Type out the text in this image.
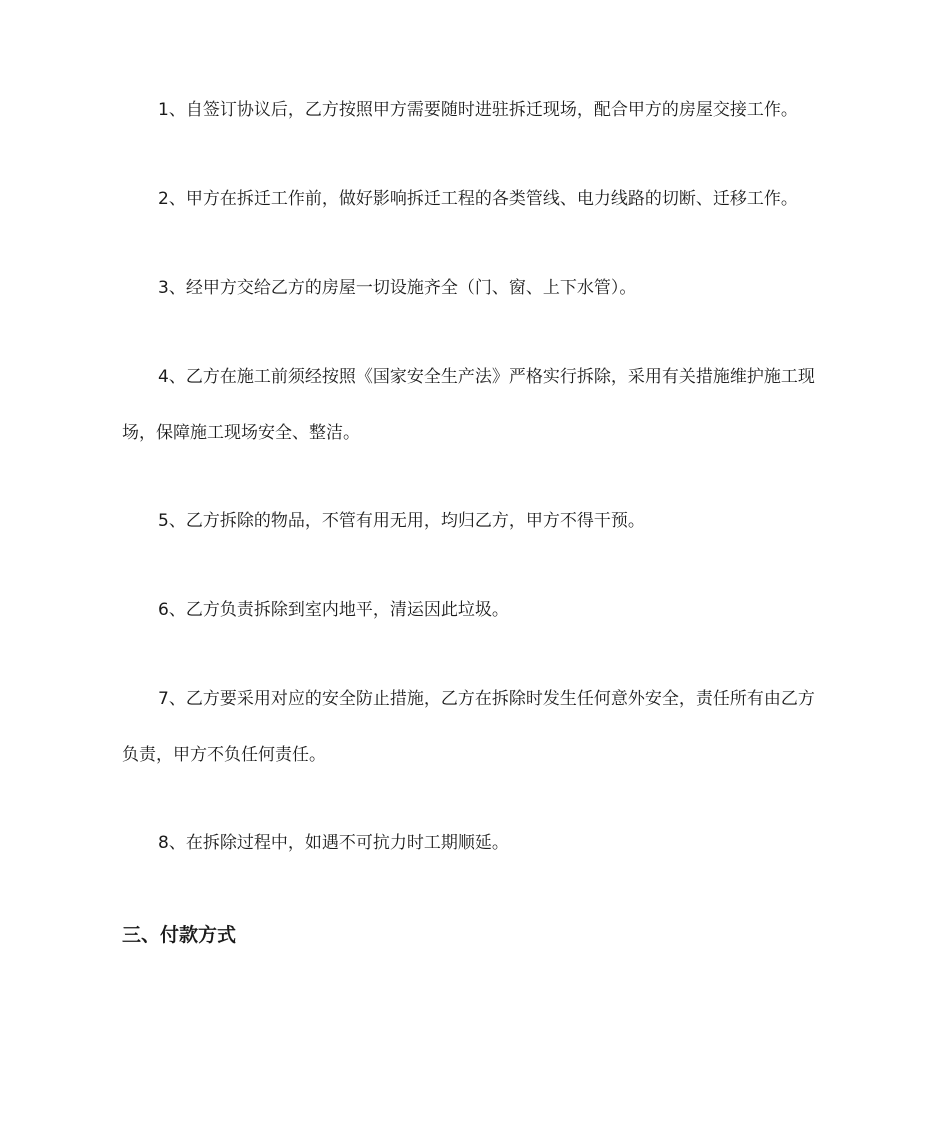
1、自签订协议后，乙方按照甲方需要随时进驻拆迁现场，配合甲方的房屋交接工作。

2、甲方在拆迁工作前，做好影响拆迁工程的各类管线、电力线路的切断、迁移工作。

3、经甲方交给乙方的房屋一切设施齐全（门、窗、上下水管）。

4、乙方在施工前须经按照《国家安全生产法》严格实行拆除，采用有关措施维护施工现场，保障施工现场安全、整洁。

5、乙方拆除的物品，不管有用无用，均归乙方，甲方不得干预。

6、乙方负责拆除到室内地平，清运因此垃圾。

7、乙方要采用对应的安全防止措施，乙方在拆除时发生任何意外安全，责任所有由乙方负责，甲方不负任何责任。

8、在拆除过程中，如遇不可抗力时工期顺延。

三、付款方式
